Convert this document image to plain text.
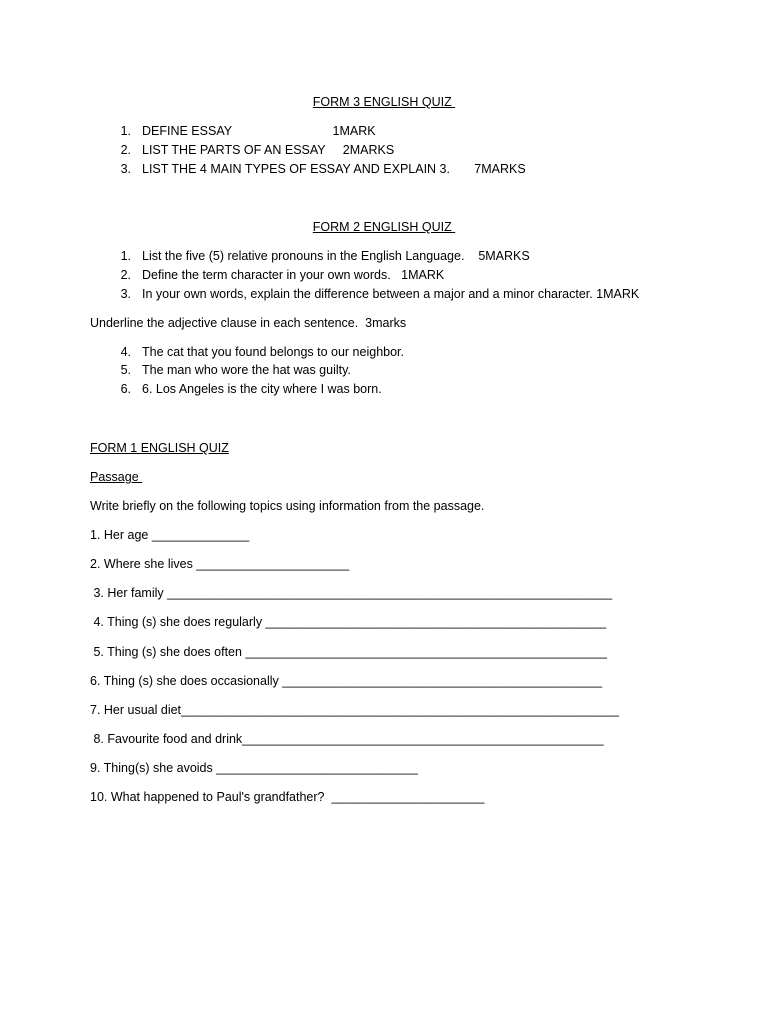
FORM 3 ENGLISH QUIZ
1. DEFINE ESSAY                             1MARK
2. LIST THE PARTS OF AN ESSAY     2MARKS
3. LIST THE 4 MAIN TYPES OF ESSAY AND EXPLAIN 3.       7MARKS
FORM 2 ENGLISH QUIZ
1. List the five (5) relative pronouns in the English Language.    5MARKS
2. Define the term character in your own words.   1MARK
3. In your own words, explain the difference between a major and a minor character. 1MARK
Underline the adjective clause in each sentence.  3marks
4. The cat that you found belongs to our neighbor.
5. The man who wore the hat was guilty.
6. 6. Los Angeles is the city where I was born.
FORM 1 ENGLISH QUIZ
Passage
Write briefly on the following topics using information from the passage.
1. Her age ______________
2. Where she lives ______________________
3. Her family ________________________________________________________________
4. Thing (s) she does regularly _________________________________________________
5. Thing (s) she does often ____________________________________________________
6. Thing (s) she does occasionally ______________________________________________
7. Her usual diet_______________________________________________________________
8. Favourite food and drink____________________________________________________
9. Thing(s) she avoids _____________________________
10. What happened to Paul's grandfather?  ______________________
